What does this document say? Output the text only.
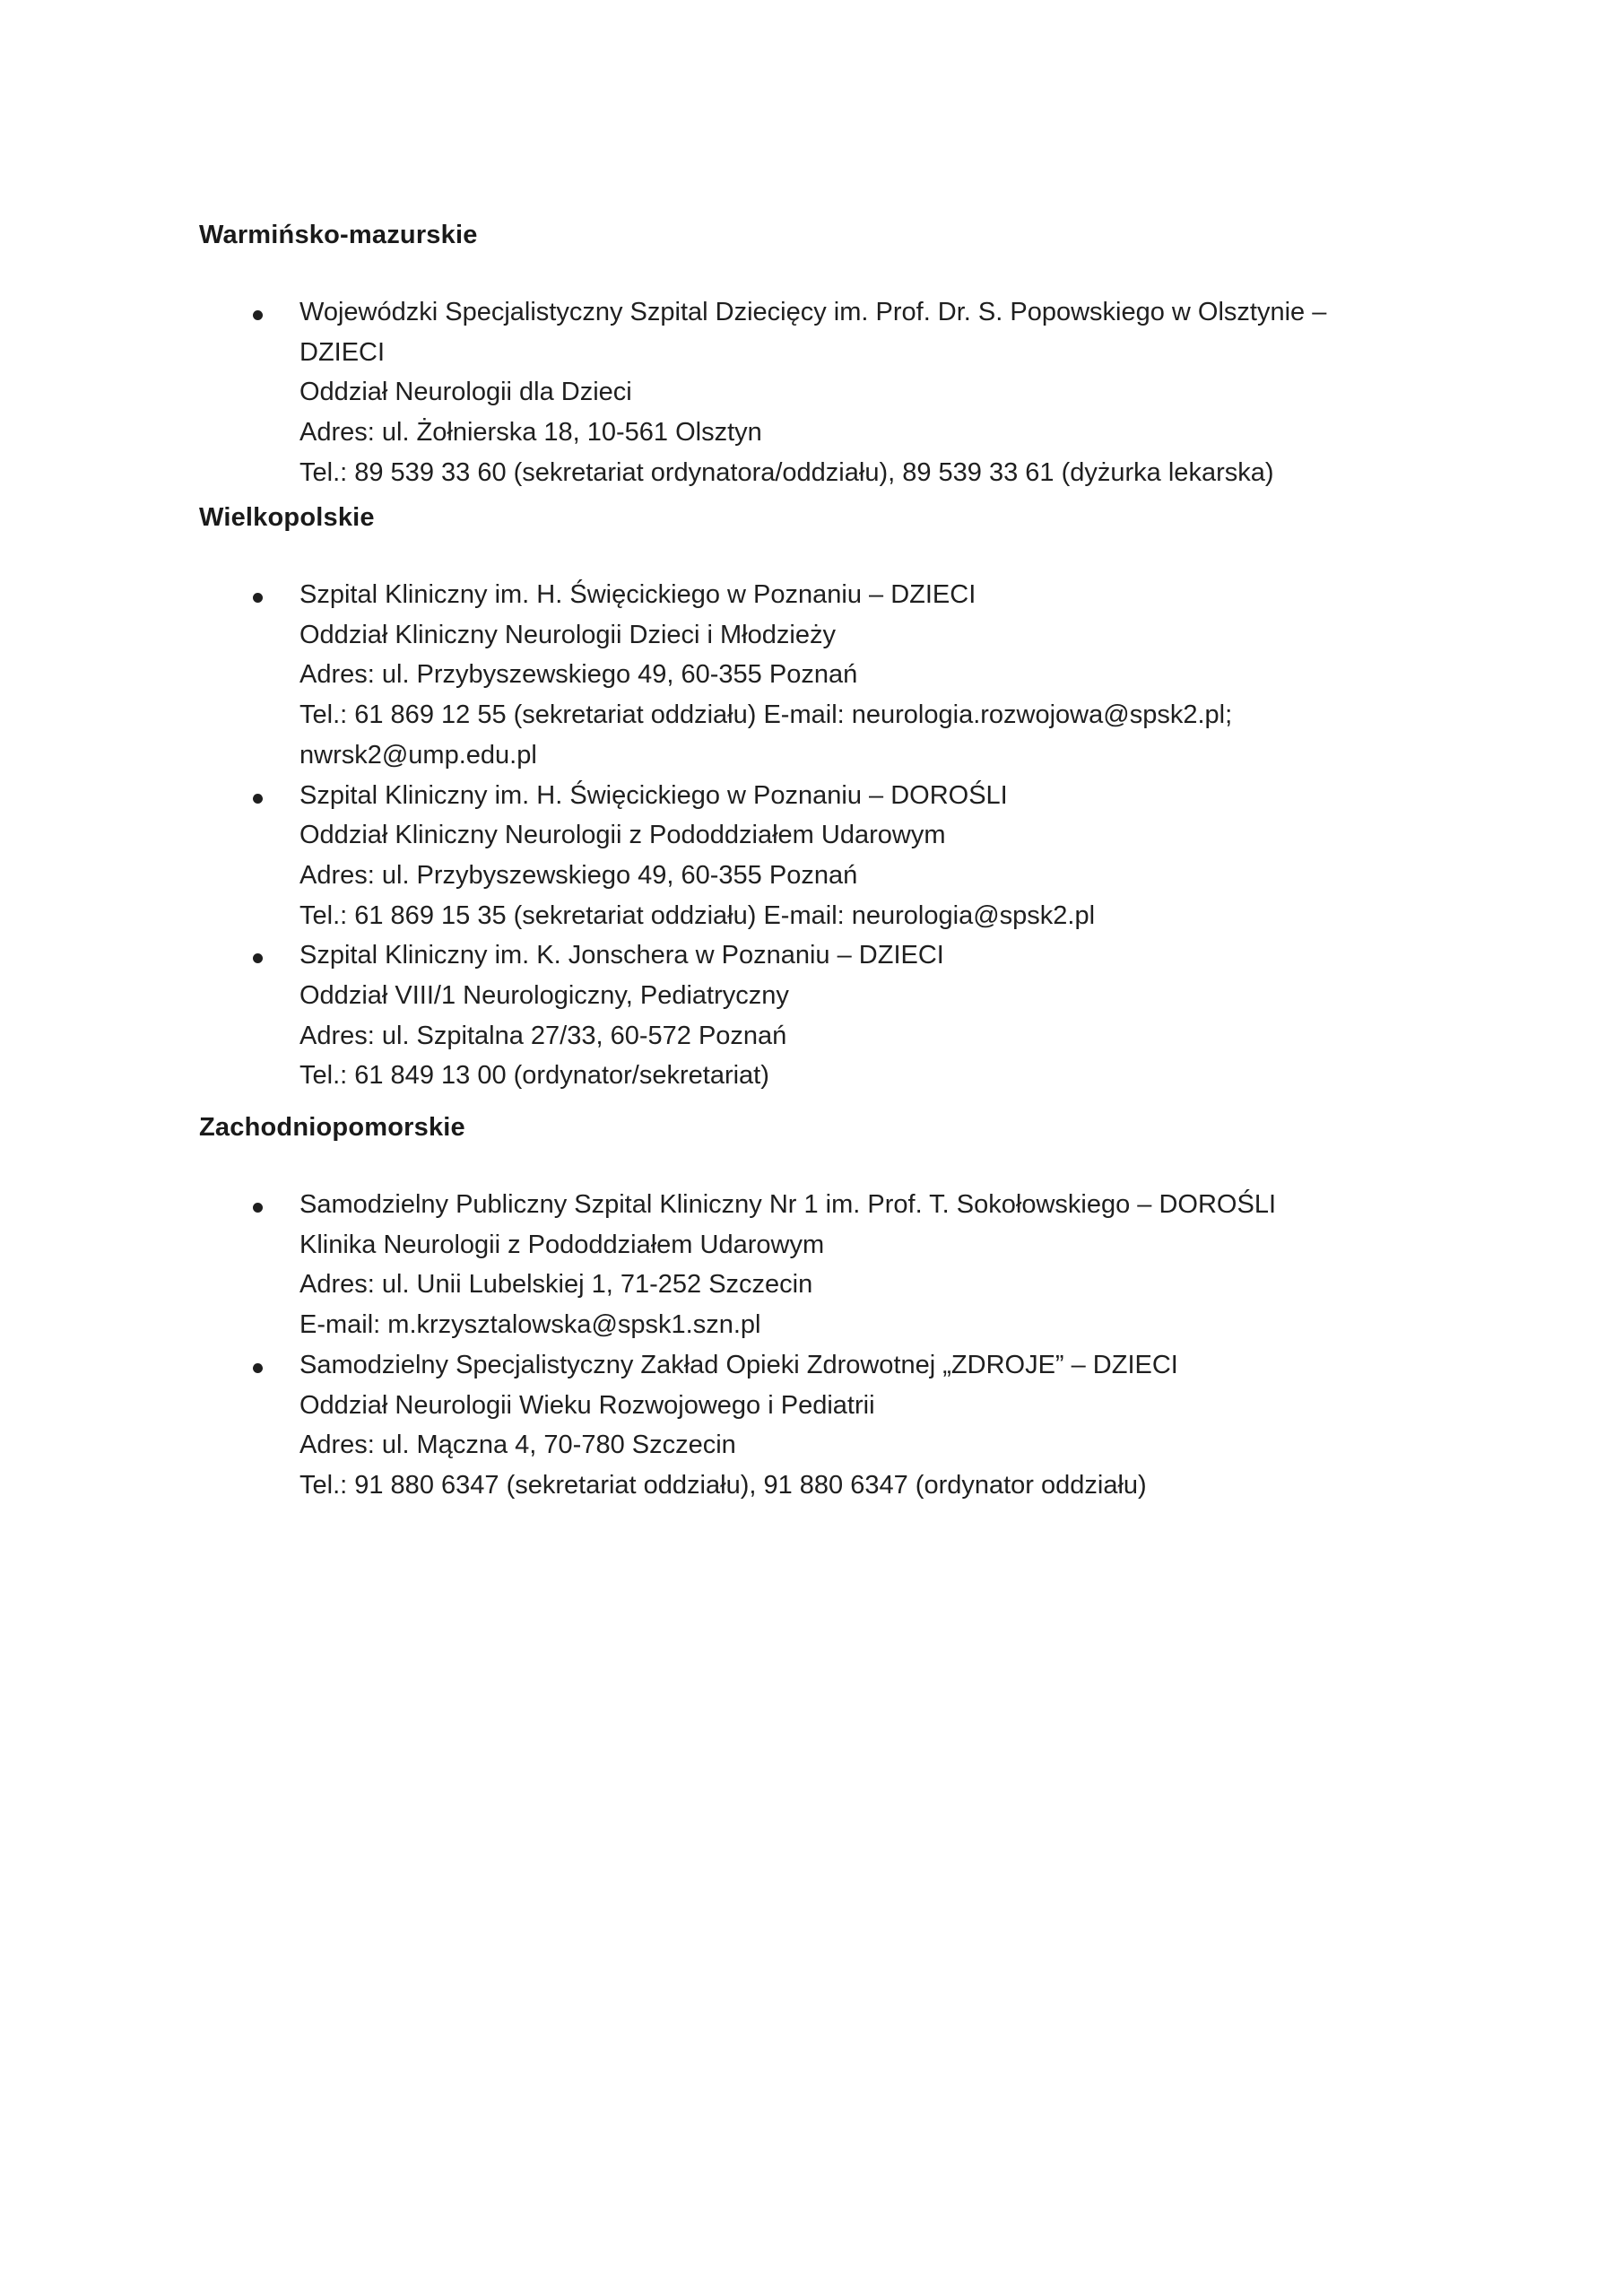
Warmińsko-mazurskie
Wojewódzki Specjalistyczny Szpital Dziecięcy im. Prof. Dr. S. Popowskiego w Olsztynie –
DZIECI
Oddział Neurologii dla Dzieci
Adres: ul. Żołnierska 18, 10-561 Olsztyn
Tel.: 89 539 33 60 (sekretariat ordynatora/oddziału), 89 539 33 61 (dyżurka lekarska)
Wielkopolskie
Szpital Kliniczny im. H. Święcickiego w Poznaniu – DZIECI
Oddział Kliniczny Neurologii Dzieci i Młodzieży
Adres: ul. Przybyszewskiego 49, 60-355 Poznań
Tel.: 61 869 12 55 (sekretariat oddziału) E-mail: neurologia.rozwojowa@spsk2.pl;
nwrsk2@ump.edu.pl
Szpital Kliniczny im. H. Święcickiego w Poznaniu – DOROŚLI
Oddział Kliniczny Neurologii z Pododdziałem Udarowym
Adres: ul. Przybyszewskiego 49, 60-355 Poznań
Tel.: 61 869 15 35 (sekretariat oddziału) E-mail: neurologia@spsk2.pl
Szpital Kliniczny im. K. Jonschera w Poznaniu – DZIECI
Oddział VIII/1 Neurologiczny, Pediatryczny
Adres: ul. Szpitalna 27/33, 60-572 Poznań
Tel.: 61 849 13 00 (ordynator/sekretariat)
Zachodniopomorskie
Samodzielny Publiczny Szpital Kliniczny Nr 1 im. Prof. T. Sokołowskiego – DOROŚLI
Klinika Neurologii z Pododdziałem Udarowym
Adres: ul. Unii Lubelskiej 1, 71-252 Szczecin
E-mail: m.krzysztalowska@spsk1.szn.pl
Samodzielny Specjalistyczny Zakład Opieki Zdrowotnej „ZDROJE” – DZIECI
Oddział Neurologii Wieku Rozwojowego i Pediatrii
Adres: ul. Mączna 4, 70-780 Szczecin
Tel.: 91 880 6347 (sekretariat oddziału), 91 880 6347 (ordynator oddziału)
